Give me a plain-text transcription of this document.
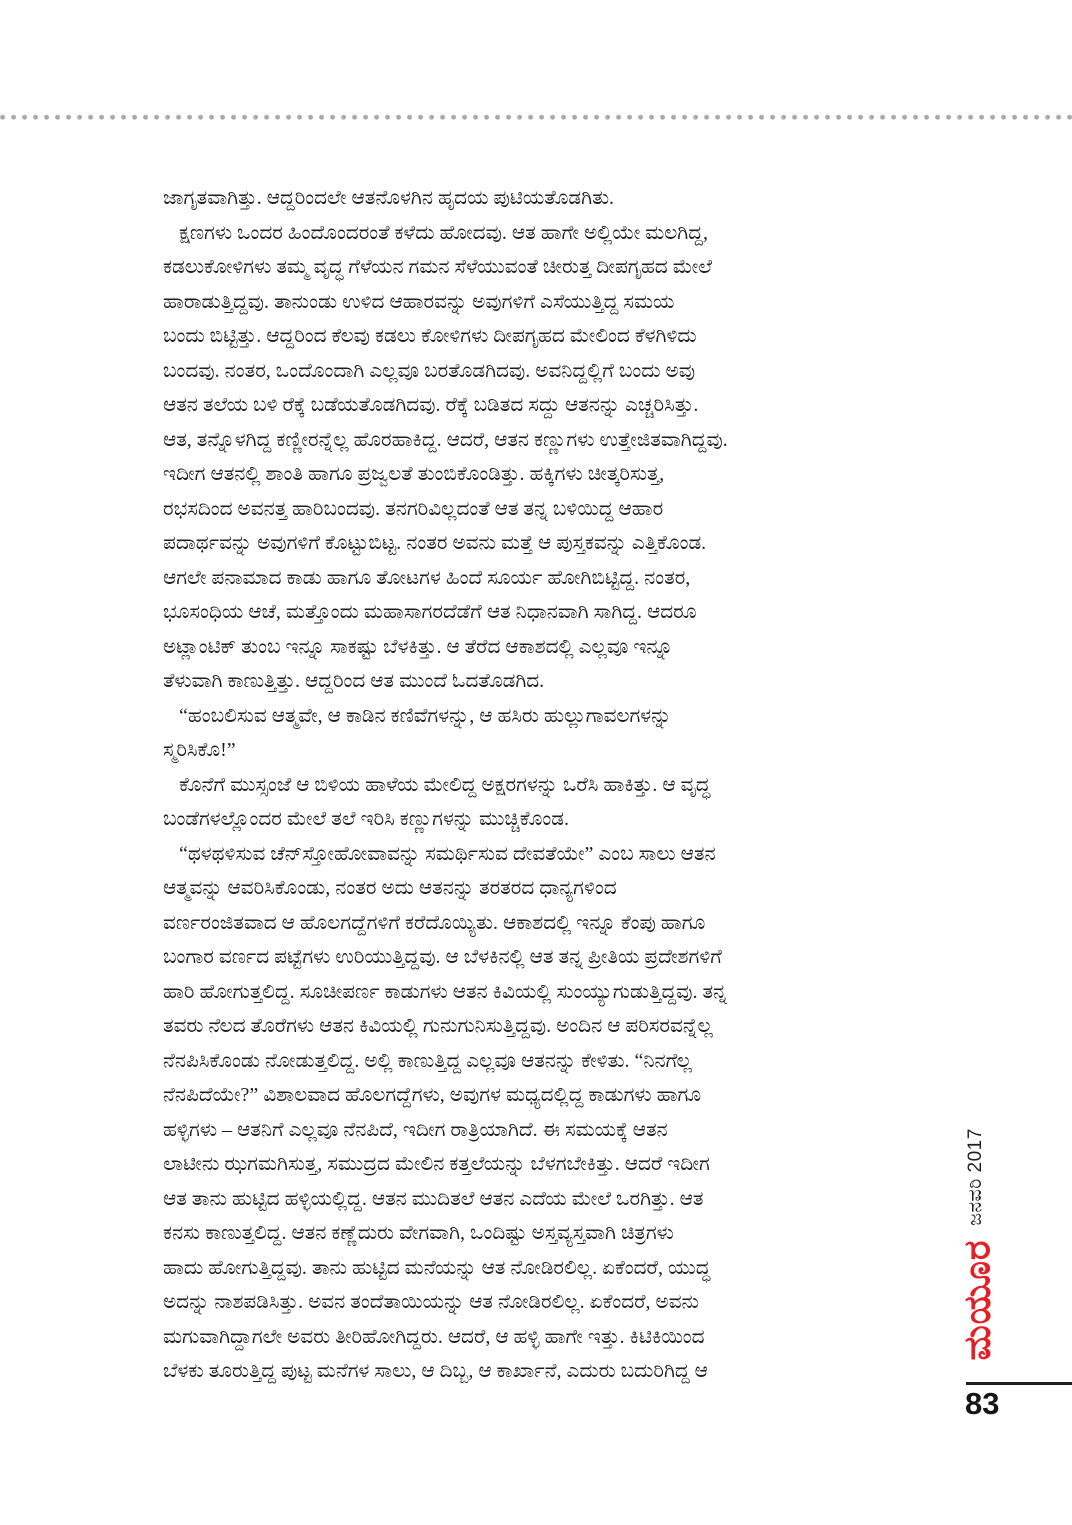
ಜಾಗೃತವಾಗಿತ್ತು. ಆದ್ದರಿಂದಲೇ ಆತನೊಳಗಿನ ಹೃದಯ ಪುಟಿಯತೊಡಗಿತು.

ಕ್ಷಣಗಳು ಒಂದರ ಹಿಂದೊಂದರಂತೆ ಕಳೆದು ಹೋದವು. ಆತ ಹಾಗೇ ಅಲ್ಲಿಯೇ ಮಲಗಿದ್ದ,
ಕಡಲುಕೋಳಿಗಳು ತಮ್ಮ ವೃದ್ಧ ಗೆಳೆಯನ ಗಮನ ಸೆಳೆಯುವಂತೆ ಚೀರುತ್ತ ದೀಪಗೃಹದ ಮೇಲೆ
ಹಾರಾಡುತ್ತಿದ್ದವು. ತಾನುಂಡು ಉಳಿದ ಆಹಾರವನ್ನು ಅವುಗಳಿಗೆ ಎಸೆಯುತ್ತಿದ್ದ ಸಮಯ
ಬಂದು ಬಿಟ್ಟಿತ್ತು. ಆದ್ದರಿಂದ ಕೆಲವು ಕಡಲು ಕೋಳಿಗಳು ದೀಪಗೃಹದ ಮೇಲಿಂದ ಕೆಳಗಿಳಿದು
ಬಂದವು. ನಂತರ, ಒಂದೊಂದಾಗಿ ಎಲ್ಲವೂ ಬರತೊಡಗಿದವು. ಅವನಿದ್ದಲ್ಲಿಗೆ ಬಂದು ಅವು
ಆತನ ತಲೆಯ ಬಳಿ ರೆಕ್ಕೆ ಬಡೆಯತೊಡಗಿದವು. ರೆಕ್ಕೆ ಬಡಿತದ ಸದ್ದು ಆತನನ್ನು ಎಚ್ಚರಿಸಿತ್ತು.
ಆತ, ತನ್ನೊಳಗಿದ್ದ ಕಣ್ಣೀರನ್ನೆಲ್ಲ ಹೊರಹಾಕಿದ್ದ. ಆದರೆ, ಆತನ ಕಣ್ಣುಗಳು ಉತ್ತೇಜಿತವಾಗಿದ್ದವು.
ಇದೀಗ ಆತನಲ್ಲಿ ಶಾಂತಿ ಹಾಗೂ ಪ್ರಜ್ವಲತೆ ತುಂಬಿಕೊಂಡಿತ್ತು. ಹಕ್ಕಿಗಳು ಚೀತ್ಕರಿಸುತ್ತ,
ರಭಸದಿಂದ ಅವನತ್ತ ಹಾರಿಬಂದವು. ತನಗರಿವಿಲ್ಲದಂತೆ ಆತ ತನ್ನ ಬಳಿಯಿದ್ದ ಆಹಾರ
ಪದಾರ್ಥವನ್ನು ಅವುಗಳಿಗೆ ಕೊಟ್ಟುಬಿಟ್ಟ. ನಂತರ ಅವನು ಮತ್ತೆ ಆ ಪುಸ್ತಕವನ್ನು ಎತ್ತಿಕೊಂಡ.
ಆಗಲೇ ಪನಾಮಾದ ಕಾಡು ಹಾಗೂ ತೋಟಗಳ ಹಿಂದೆ ಸೂರ್ಯ ಹೋಗಿಬಿಟ್ಟಿದ್ದ. ನಂತರ,
ಭೂಸಂಧಿಯ ಆಚೆ, ಮತ್ತೊಂದು ಮಹಾಸಾಗರದೆಡೆಗೆ ಆತ ನಿಧಾನವಾಗಿ ಸಾಗಿದ್ದ. ಆದರೂ
ಅಟ್ಲಾಂಟಿಕ್ ತುಂಬ ಇನ್ನೂ ಸಾಕಷ್ಟು ಬೆಳಕಿತ್ತು. ಆ ತೆರೆದ ಆಕಾಶದಲ್ಲಿ ಎಲ್ಲವೂ ಇನ್ನೂ
ತೆಳುವಾಗಿ ಕಾಣುತ್ತಿತ್ತು. ಆದ್ದರಿಂದ ಆತ ಮುಂದೆ ಓದತೊಡಗಿದ.

“ಹಂಬಲಿಸುವ ಆತ್ಮವೇ, ಆ ಕಾಡಿನ ಕಣಿವೆಗಳನ್ನು, ಆ ಹಸಿರು ಹುಲ್ಲುಗಾವಲಗಳನ್ನು
ಸ್ಮರಿಸಿಕೊ!”

ಕೊನೆಗೆ ಮುಸ್ಸಂಜೆ ಆ ಬಿಳಿಯ ಹಾಳೆಯ ಮೇಲಿದ್ದ ಅಕ್ಷರಗಳನ್ನು ಒರೆಸಿ ಹಾಕಿತ್ತು. ಆ ವೃದ್ಧ
ಬಂಡೆಗಳಲ್ಲೊಂದರ ಮೇಲೆ ತಲೆ ಇರಿಸಿ ಕಣ್ಣುಗಳನ್ನು ಮುಚ್ಚಿಕೊಂಡ.

“ಥಳಥಳಿಸುವ ಚೆನ್‌ಸ್ತೋಹೋವಾವನ್ನು ಸಮರ್ಥಿಸುವ ದೇವತೆಯೇ” ಎಂಬ ಸಾಲು ಆತನ
ಆತ್ಮವನ್ನು ಆವರಿಸಿಕೊಂಡು, ನಂತರ ಅದು ಆತನನ್ನು ತರತರದ ಧಾನ್ಯಗಳಿಂದ
ವರ್ಣರಂಜಿತವಾದ ಆ ಹೊಲಗದ್ದೆಗಳಿಗೆ ಕರೆದೊಯ್ಯಿತು. ಆಕಾಶದಲ್ಲಿ ಇನ್ನೂ ಕೆಂಪು ಹಾಗೂ
ಬಂಗಾರ ವರ್ಣದ ಪಟ್ಟೆಗಳು ಉರಿಯುತ್ತಿದ್ದವು. ಆ ಬೆಳಕಿನಲ್ಲಿ ಆತ ತನ್ನ ಪ್ರೀತಿಯ ಪ್ರದೇಶಗಳಿಗೆ
ಹಾರಿ ಹೋಗುತ್ತಲಿದ್ದ. ಸೂಚೀಪರ್ಣ ಕಾಡುಗಳು ಆತನ ಕಿವಿಯಲ್ಲಿ ಸುಂಯ್ಯುಗುಡುತ್ತಿದ್ದವು. ತನ್ನ
ತವರು ನೆಲದ ತೊರೆಗಳು ಆತನ ಕಿವಿಯಲ್ಲಿ ಗುನುಗುನಿಸುತ್ತಿದ್ದವು. ಅಂದಿನ ಆ ಪರಿಸರವನ್ನೆಲ್ಲ
ನೆನಪಿಸಿಕೊಂಡು ನೋಡುತ್ತಲಿದ್ದ. ಅಲ್ಲಿ ಕಾಣುತ್ತಿದ್ದ ಎಲ್ಲವೂ ಆತನನ್ನು ಕೇಳಿತು. “ನಿನಗೆಲ್ಲ
ನೆನಪಿದೆಯೇ?” ವಿಶಾಲವಾದ ಹೊಲಗದ್ದೆಗಳು, ಅವುಗಳ ಮಧ್ಯದಲ್ಲಿದ್ದ ಕಾಡುಗಳು ಹಾಗೂ
ಹಳ್ಳಿಗಳು – ಆತನಿಗೆ ಎಲ್ಲವೂ ನೆನಪಿದೆ, ಇದೀಗ ರಾತ್ರಿಯಾಗಿದೆ. ಈ ಸಮಯಕ್ಕೆ ಆತನ
ಲಾಟೀನು ಝಗಮಗಿಸುತ್ತ, ಸಮುದ್ರದ ಮೇಲಿನ ಕತ್ತಲೆಯನ್ನು ಬೆಳಗಬೇಕಿತ್ತು. ಆದರೆ ಇದೀಗ
ಆತ ತಾನು ಹುಟ್ಟಿದ ಹಳ್ಳಿಯಲ್ಲಿದ್ದ. ಆತನ ಮುದಿತಲೆ ಆತನ ಎದೆಯ ಮೇಲೆ ಒರಗಿತ್ತು. ಆತ
ಕನಸು ಕಾಣುತ್ತಲಿದ್ದ. ಆತನ ಕಣ್ಣೆದುರು ವೇಗವಾಗಿ, ಒಂದಿಷ್ಟು ಅಸ್ತವ್ಯಸ್ತವಾಗಿ ಚಿತ್ರಗಳು
ಹಾದು ಹೋಗುತ್ತಿದ್ದವು. ತಾನು ಹುಟ್ಟಿದ ಮನೆಯನ್ನು ಆತ ನೋಡಿರಲಿಲ್ಲ. ಏಕೆಂದರೆ, ಯುದ್ಧ
ಅದನ್ನು ನಾಶಪಡಿಸಿತ್ತು. ಅವನ ತಂದೆತಾಯಿಯನ್ನು ಆತ ನೋಡಿರಲಿಲ್ಲ. ಏಕೆಂದರೆ, ಅವನು
ಮಗುವಾಗಿದ್ದಾಗಲೇ ಅವರು ತೀರಿಹೋಗಿದ್ದರು. ಆದರೆ, ಆ ಹಳ್ಳಿ ಹಾಗೇ ಇತ್ತು. ಕಿಟಿಕಿಯಿಂದ
ಬೆಳಕು ತೂರುತ್ತಿದ್ದ ಪುಟ್ಟ ಮನೆಗಳ ಸಾಲು, ಆ ದಿಬ್ಬ, ಆ ಕಾರ್ಖಾನೆ, ಎದುರು ಬದುರಿಗಿದ್ದ ಆ

ಜನವರಿ 2017
ಮಯೂರ
83
